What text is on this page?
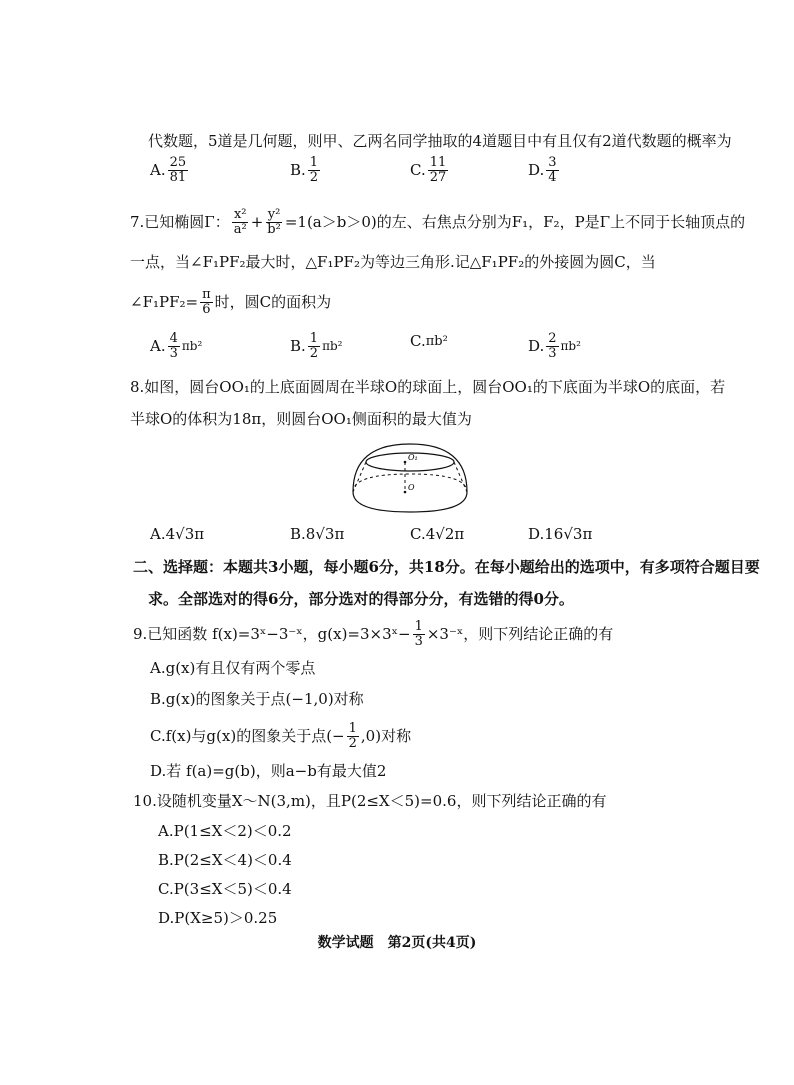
代数题，5道是几何题，则甲、乙两名同学抽取的4道题目中有且仅有2道代数题的概率为
A. $\frac{25}{81}$	B. $\frac{1}{2}$	C. $\frac{11}{27}$	D. $\frac{3}{4}$
7.已知椭圆Γ： $\frac{\text{x²}}{\text{a²}} + \frac{\text{y²}}{\text{b²}} =1(a>b>0)$的左、右焦点分别为F₁，F₂，P是Γ上不同于长轴顶点的
一点，当∠F₁PF₂最大时，△F₁PF₂为等边三角形.记△F₁PF₂的外接圆为圆C，当
∠F₁PF₂= $\frac{\pi}{6}$ 时，圆C的面积为
A. $\frac{4}{3} \pi b^2$	B. $\frac{1}{2} \pi b^2$	C. πb²	D. $\frac{2}{3} \pi b^2$
8.如图，圆台OO₁的上底面圆周在半球O的球面上，圆台OO₁的下底面为半球O的底面，若
半球O的体积为18π，则圆台OO₁侧面积的最大值为
O₁
O
A. 4√3π	B. 8√3π	C. 4√2π	D. 16√3π
二、选择题：本题共3小题，每小题6分，共18分。在每小题给出的选项中，有多项符合题目要
求。全部选对的得6分，部分选对的得部分分，有选错的得0分。
9.已知函数 f(x)=3ˣ−3⁻ˣ，g(x)=3×3ˣ− $\frac{1}{3}$ ×3⁻ˣ，则下列结论正确的有
A.g(x)有且仅有两个零点
B.g(x)的图象关于点(−1,0)对称
C.f(x)与g(x)的图象关于点(− $\frac{1}{2} ,0$)对称
D.若 f(a)=g(b)，则a−b有最大值2
10.设随机变量X～N(3,m)，且P(2≤X＜5)=0.6，则下列结论正确的有
A.P(1≤X＜2)＜0.2
B.P(2≤X＜4)＜0.4
C.P(3≤X＜5)＜0.4
D.P(X≥5)＞0.25
数学试题　第2页(共4页)
